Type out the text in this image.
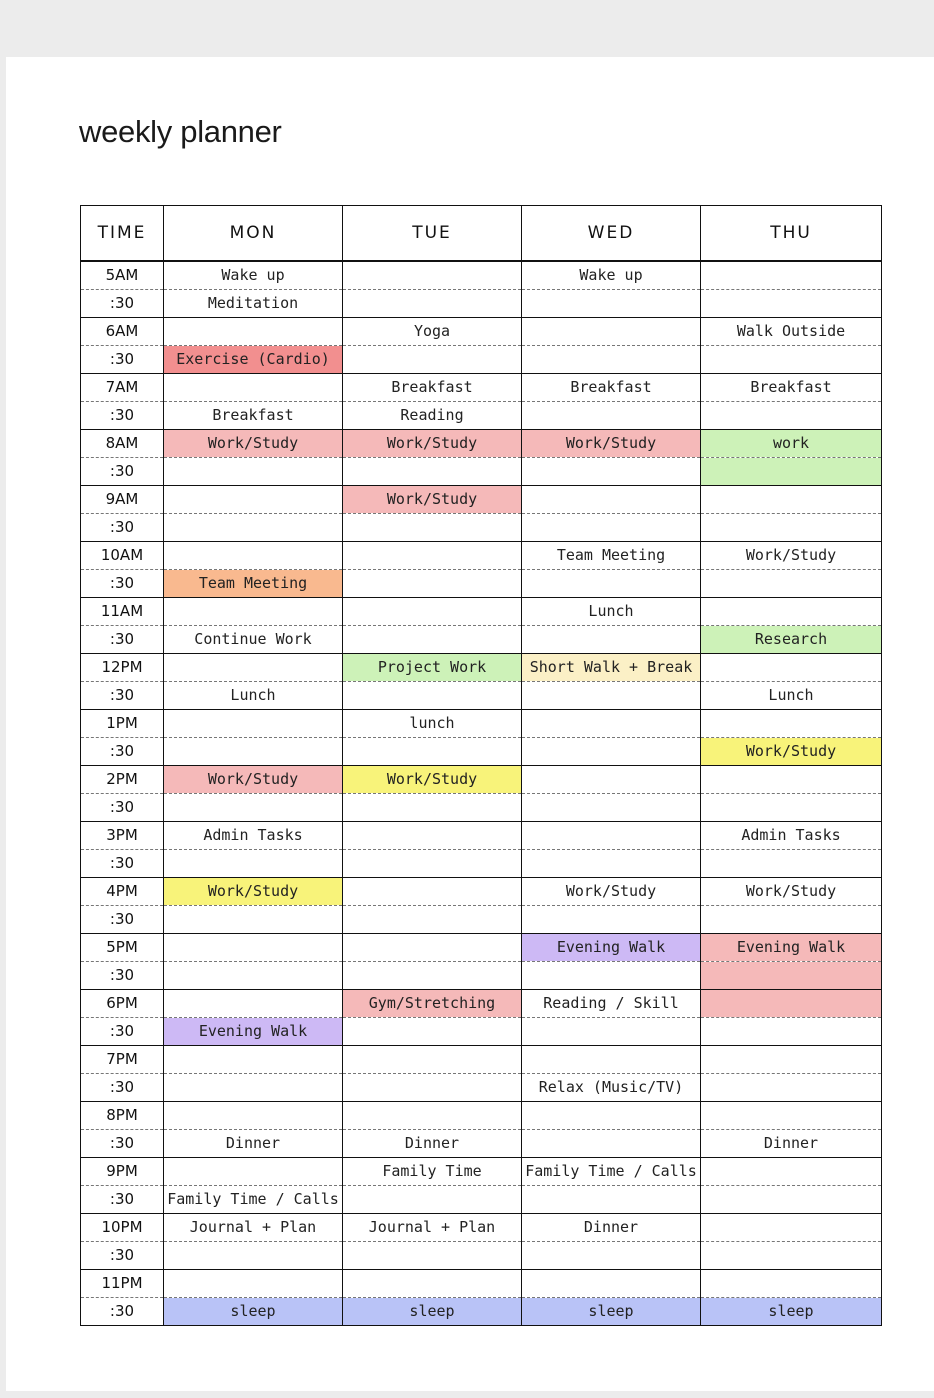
weekly planner
TIME	MON	TUE	WED	THU
5AM	Wake up		Wake up	
:30	Meditation			
6AM		Yoga		Walk Outside
:30	Exercise (Cardio)			
7AM		Breakfast	Breakfast	Breakfast
:30	Breakfast	Reading		
8AM	Work/Study	Work/Study	Work/Study	work
:30				
9AM		Work/Study		
:30				
10AM			Team Meeting	Work/Study
:30	Team Meeting			
11AM			Lunch	
:30	Continue Work			Research
12PM		Project Work	Short Walk + Break	
:30	Lunch			Lunch
1PM		lunch		
:30				Work/Study
2PM	Work/Study	Work/Study		
:30				
3PM	Admin Tasks			Admin Tasks
:30				
4PM	Work/Study		Work/Study	Work/Study
:30				
5PM			Evening Walk	Evening Walk
:30				
6PM		Gym/Stretching	Reading / Skill	
:30	Evening Walk			
7PM				
:30			Relax (Music/TV)	
8PM				
:30	Dinner	Dinner		Dinner
9PM		Family Time	Family Time / Calls	
:30	Family Time / Calls			
10PM	Journal + Plan	Journal + Plan	Dinner	
:30				
11PM				
:30	sleep	sleep	sleep	sleep
